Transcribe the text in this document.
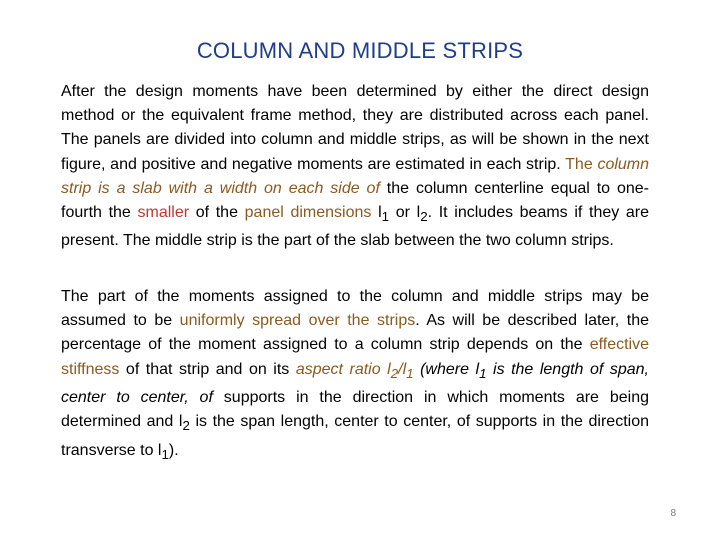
COLUMN AND MIDDLE STRIPS
After the design moments have been determined by either the direct design method or the equivalent frame method, they are distributed across each panel. The panels are divided into column and middle strips, as will be shown in the next figure, and positive and negative moments are estimated in each strip. The column strip is a slab with a width on each side of the column centerline equal to one-fourth the smaller of the panel dimensions $l_1$ or $l_2$. It includes beams if they are present. The middle strip is the part of the slab between the two column strips.
The part of the moments assigned to the column and middle strips may be assumed to be uniformly spread over the strips. As will be described later, the percentage of the moment assigned to a column strip depends on the effective stiffness of that strip and on its aspect ratio $l_2/l_1$ (where $l_1$ is the length of span, center to center, of supports in the direction in which moments are being determined and $l_2$ is the span length, center to center, of supports in the direction transverse to $l_1$).
8
